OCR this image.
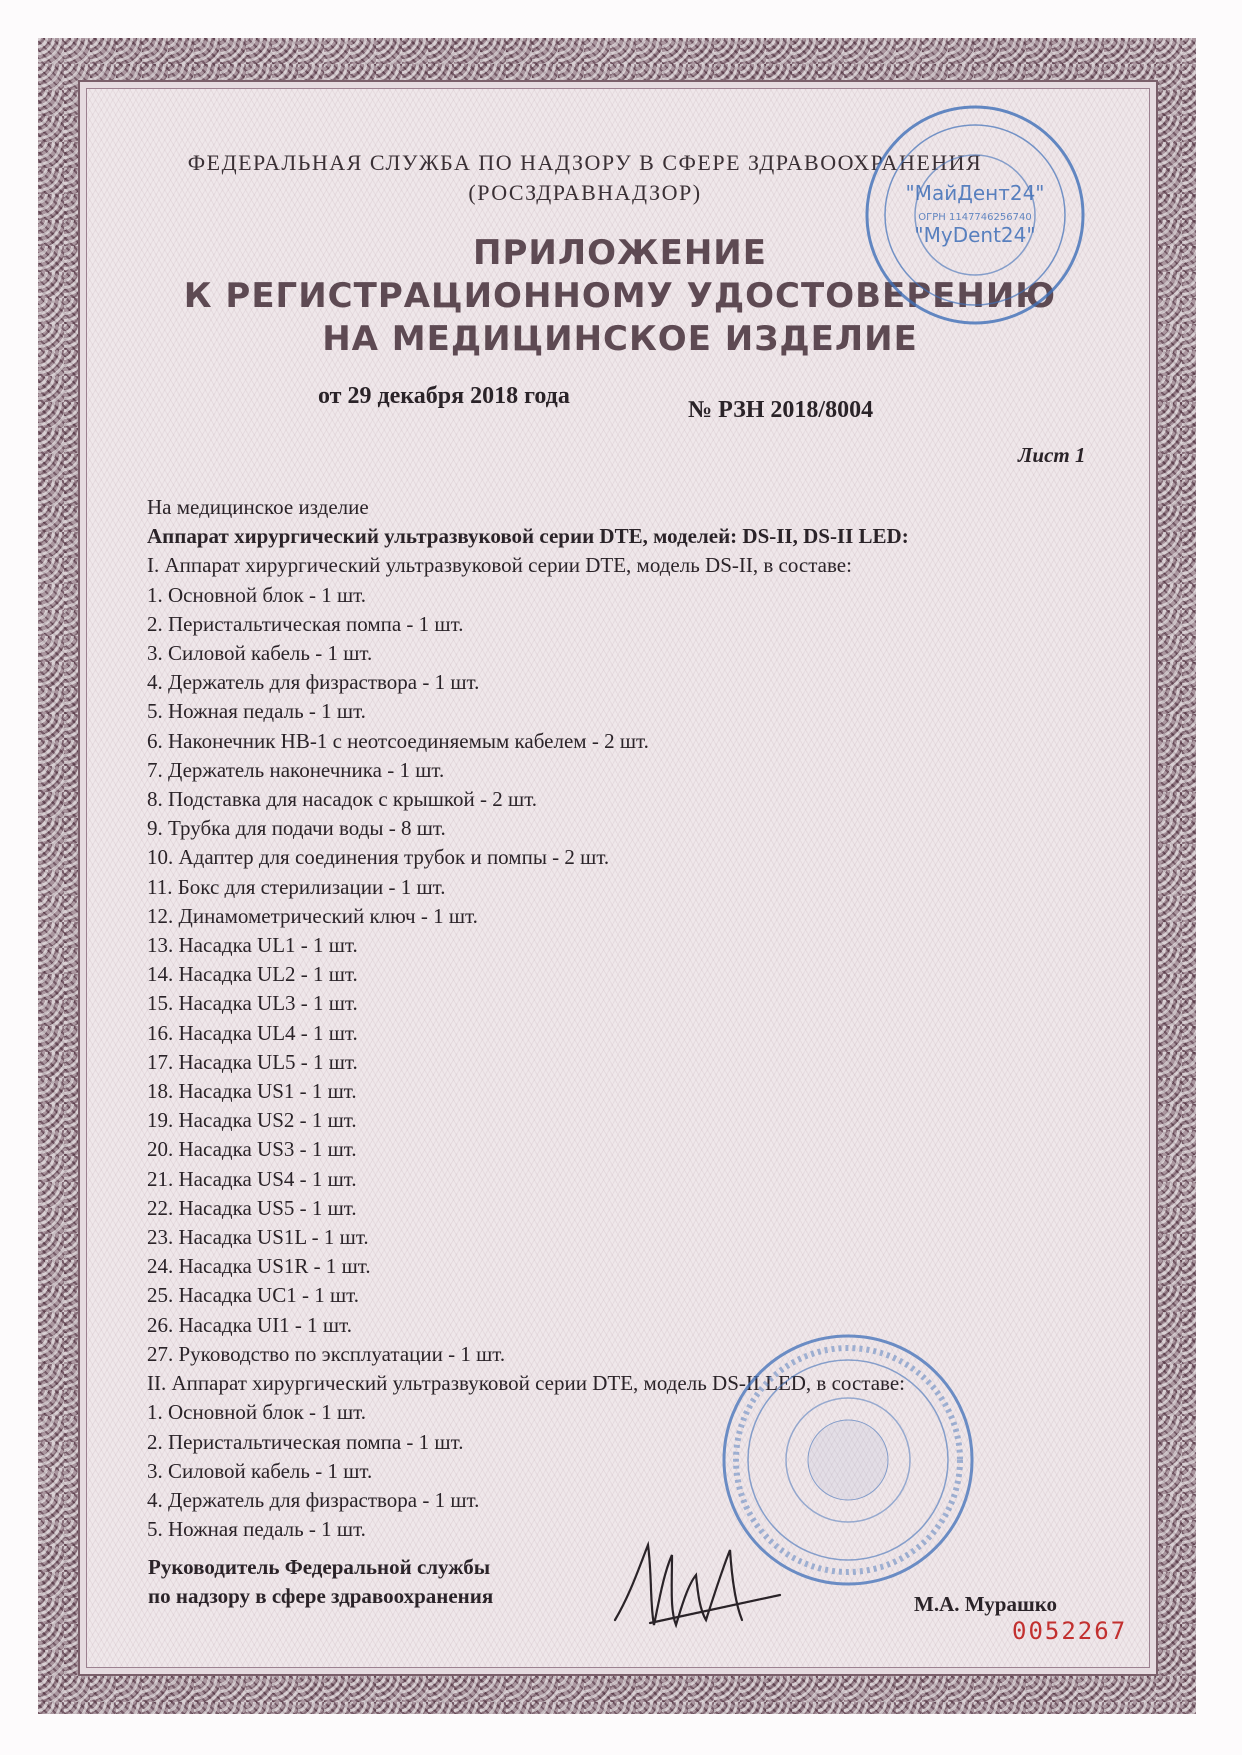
ФЕДЕРАЛЬНАЯ СЛУЖБА ПО НАДЗОРУ В СФЕРЕ ЗДРАВООХРАНЕНИЯ
(РОСЗДРАВНАДЗОР)
ПРИЛОЖЕНИЕ
К РЕГИСТРАЦИОННОМУ УДОСТОВЕРЕНИЮ
НА МЕДИЦИНСКОЕ ИЗДЕЛИЕ
от 29 декабря 2018 года
№ РЗН 2018/8004
Лист 1
На медицинское изделие
Аппарат хирургический ультразвуковой серии DTE, моделей: DS-II, DS-II LED:
I. Аппарат хирургический ультразвуковой серии DTE, модель DS-II, в составе:
1. Основной блок - 1 шт.
2. Перистальтическая помпа - 1 шт.
3. Силовой кабель - 1 шт.
4. Держатель для физраствора - 1 шт.
5. Ножная педаль - 1 шт.
6. Наконечник HB-1 с неотсоединяемым кабелем - 2 шт.
7. Держатель наконечника - 1 шт.
8. Подставка для насадок с крышкой - 2 шт.
9. Трубка для подачи воды - 8 шт.
10. Адаптер для соединения трубок и помпы - 2 шт.
11. Бокс для стерилизации - 1 шт.
12. Динамометрический ключ - 1 шт.
13. Насадка UL1 - 1 шт.
14. Насадка UL2 - 1 шт.
15. Насадка UL3 - 1 шт.
16. Насадка UL4 - 1 шт.
17. Насадка UL5 - 1 шт.
18. Насадка US1 - 1 шт.
19. Насадка US2 - 1 шт.
20. Насадка US3 - 1 шт.
21. Насадка US4 - 1 шт.
22. Насадка US5 - 1 шт.
23. Насадка US1L - 1 шт.
24. Насадка US1R - 1 шт.
25. Насадка UC1 - 1 шт.
26. Насадка UI1 - 1 шт.
27. Руководство по эксплуатации - 1 шт.
II. Аппарат хирургический ультразвуковой серии DTE, модель DS-II LED, в составе:
1. Основной блок - 1 шт.
2. Перистальтическая помпа - 1 шт.
3. Силовой кабель - 1 шт.
4. Держатель для физраствора - 1 шт.
5. Ножная педаль - 1 шт.
Руководитель Федеральной службы
по надзору в сфере здравоохранения	М.А. Мурашко
0052267
"МайДент24"
ОГРН 1147746256740
"MyDent24"
